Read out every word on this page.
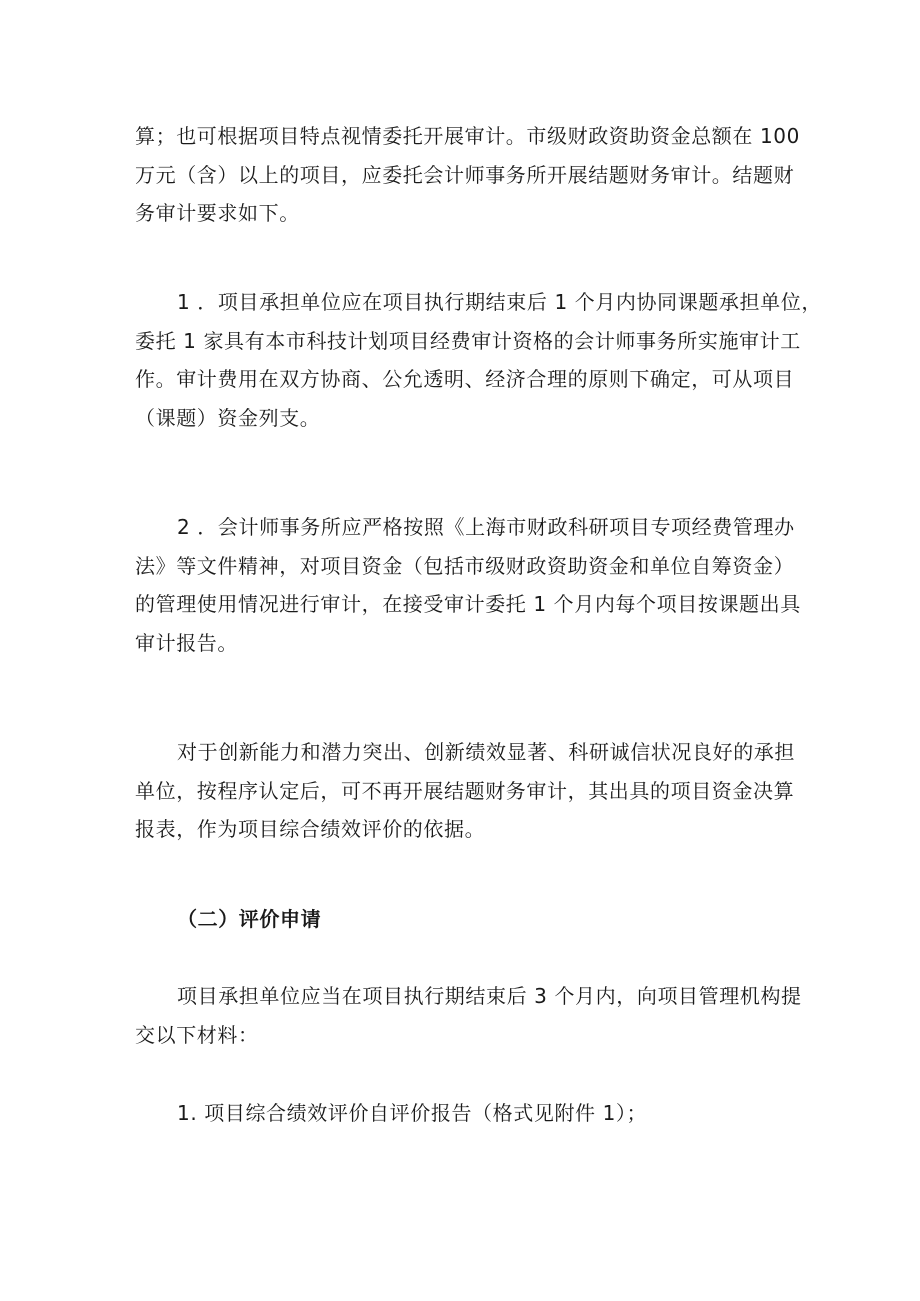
算；也可根据项目特点视情委托开展审计。市级财政资助资金总额在 100
万元（含）以上的项目，应委托会计师事务所开展结题财务审计。结题财
务审计要求如下。

1 ．项目承担单位应在项目执行期结束后 1 个月内协同课题承担单位，
委托 1 家具有本市科技计划项目经费审计资格的会计师事务所实施审计工
作。审计费用在双方协商、公允透明、经济合理的原则下确定，可从项目
（课题）资金列支。

2 ．会计师事务所应严格按照《上海市财政科研项目专项经费管理办
法》等文件精神，对项目资金（包括市级财政资助资金和单位自筹资金）
的管理使用情况进行审计，在接受审计委托 1 个月内每个项目按课题出具
审计报告。

对于创新能力和潜力突出、创新绩效显著、科研诚信状况良好的承担
单位，按程序认定后，可不再开展结题财务审计，其出具的项目资金决算
报表，作为项目综合绩效评价的依据。

（二）评价申请

项目承担单位应当在项目执行期结束后 3 个月内，向项目管理机构提
交以下材料：

1. 项目综合绩效评价自评价报告（格式见附件 1）；
